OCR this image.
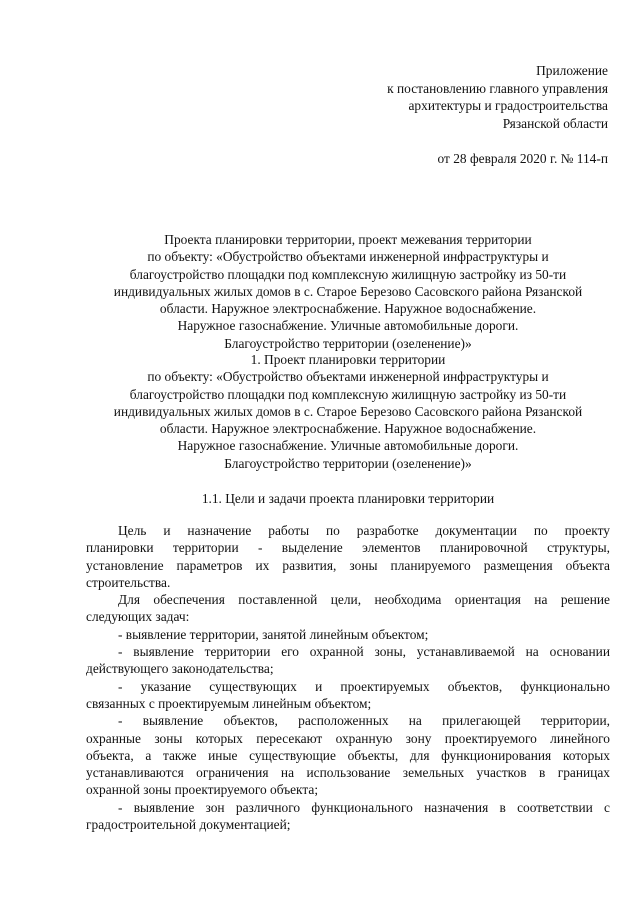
Приложение
к постановлению главного управления
архитектуры и градостроительства
Рязанской области
от 28 февраля 2020 г. № 114-п
Проекта планировки территории, проект межевания территории
по объекту: «Обустройство объектами инженерной инфраструктуры и
благоустройство площадки под комплексную жилищную застройку из 50-ти
индивидуальных жилых домов в с. Старое Березово Сасовского района Рязанской
области. Наружное электроснабжение. Наружное водоснабжение.
Наружное газоснабжение. Уличные автомобильные дороги.
Благоустройство территории (озеленение)»
1. Проект планировки территории
по объекту: «Обустройство объектами инженерной инфраструктуры и
благоустройство площадки под комплексную жилищную застройку из 50-ти
индивидуальных жилых домов в с. Старое Березово Сасовского района Рязанской
области. Наружное электроснабжение. Наружное водоснабжение.
Наружное газоснабжение. Уличные автомобильные дороги.
Благоустройство территории (озеленение)»
1.1. Цели и задачи проекта планировки территории
Цель и назначение работы по разработке документации по проекту
планировки территории - выделение элементов планировочной структуры,
установление параметров их развития, зоны планируемого размещения объекта
строительства.
Для обеспечения поставленной цели, необходима ориентация на решение
следующих задач:
- выявление территории, занятой линейным объектом;
- выявление территории его охранной зоны, устанавливаемой на основании
действующего законодательства;
- указание существующих и проектируемых объектов, функционально
связанных с проектируемым линейным объектом;
- выявление объектов, расположенных на прилегающей территории,
охранные зоны которых пересекают охранную зону проектируемого линейного
объекта, а также иные существующие объекты, для функционирования которых
устанавливаются ограничения на использование земельных участков в границах
охранной зоны проектируемого объекта;
- выявление зон различного функционального назначения в соответствии с
градостроительной документацией;
